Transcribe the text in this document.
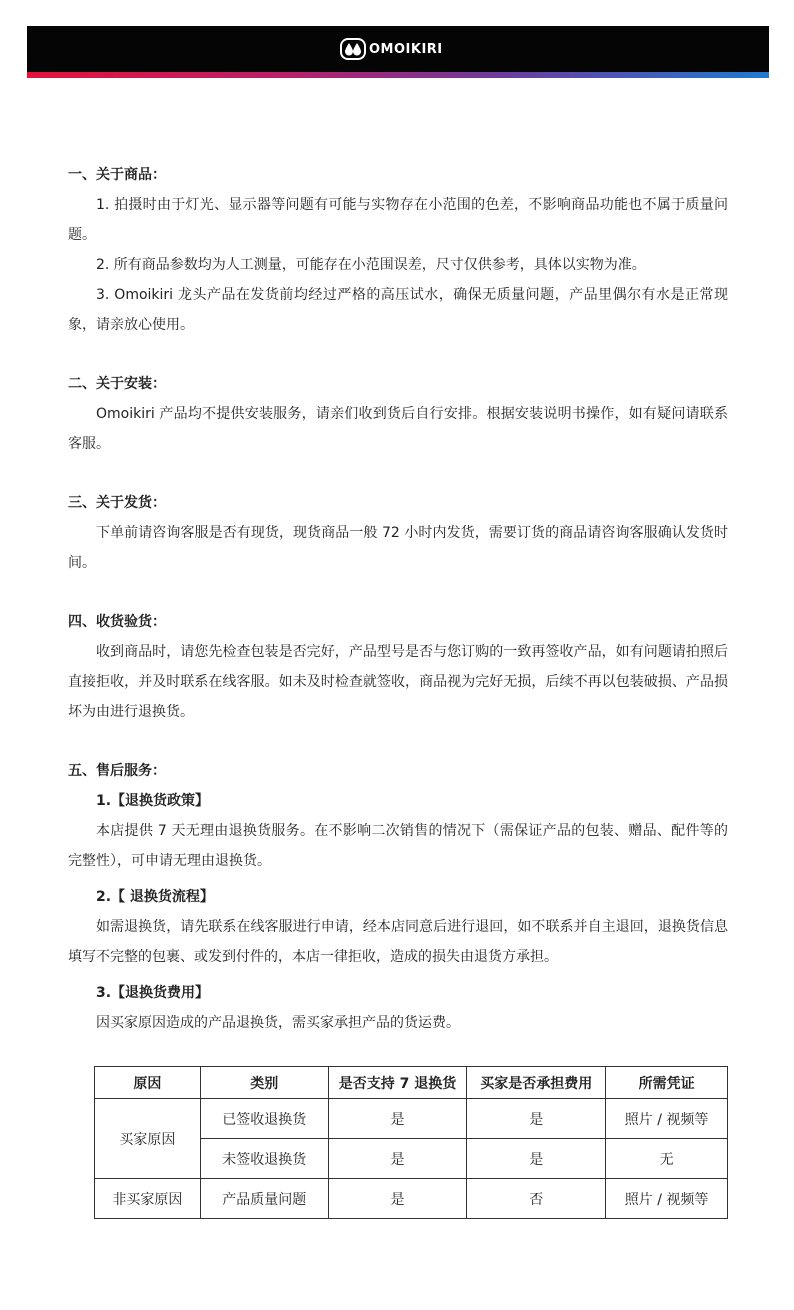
OMOIKIRI
一、关于商品：

1. 拍摄时由于灯光、显示器等问题有可能与实物存在小范围的色差，不影响商品功能也不属于质量问题。

2. 所有商品参数均为人工测量，可能存在小范围误差，尺寸仅供参考，具体以实物为准。

3. Omoikiri 龙头产品在发货前均经过严格的高压试水，确保无质量问题，产品里偶尔有水是正常现象，请亲放心使用。

二、关于安装：

Omoikiri 产品均不提供安装服务，请亲们收到货后自行安排。根据安装说明书操作，如有疑问请联系客服。

三、关于发货：

下单前请咨询客服是否有现货，现货商品一般 72 小时内发货，需要订货的商品请咨询客服确认发货时间。

四、收货验货：

收到商品时，请您先检查包装是否完好，产品型号是否与您订购的一致再签收产品，如有问题请拍照后直接拒收，并及时联系在线客服。如未及时检查就签收，商品视为完好无损，后续不再以包装破损、产品损坏为由进行退换货。

五、售后服务：
1.【退换货政策】

本店提供 7 天无理由退换货服务。在不影响二次销售的情况下（需保证产品的包装、赠品、配件等的完整性），可申请无理由退换货。

2.【 退换货流程】

如需退换货，请先联系在线客服进行申请，经本店同意后进行退回，如不联系并自主退回，退换货信息填写不完整的包裹、或发到付件的，本店一律拒收，造成的损失由退货方承担。

3.【退换货费用】

因买家原因造成的产品退换货，需买家承担产品的货运费。

原因	类别	是否支持 7 退换货	买家是否承担费用	所需凭证
买家原因	已签收退换货	是	是	照片 / 视频等
	未签收退换货	是	是	无
非买家原因	产品质量问题	是	否	照片 / 视频等
